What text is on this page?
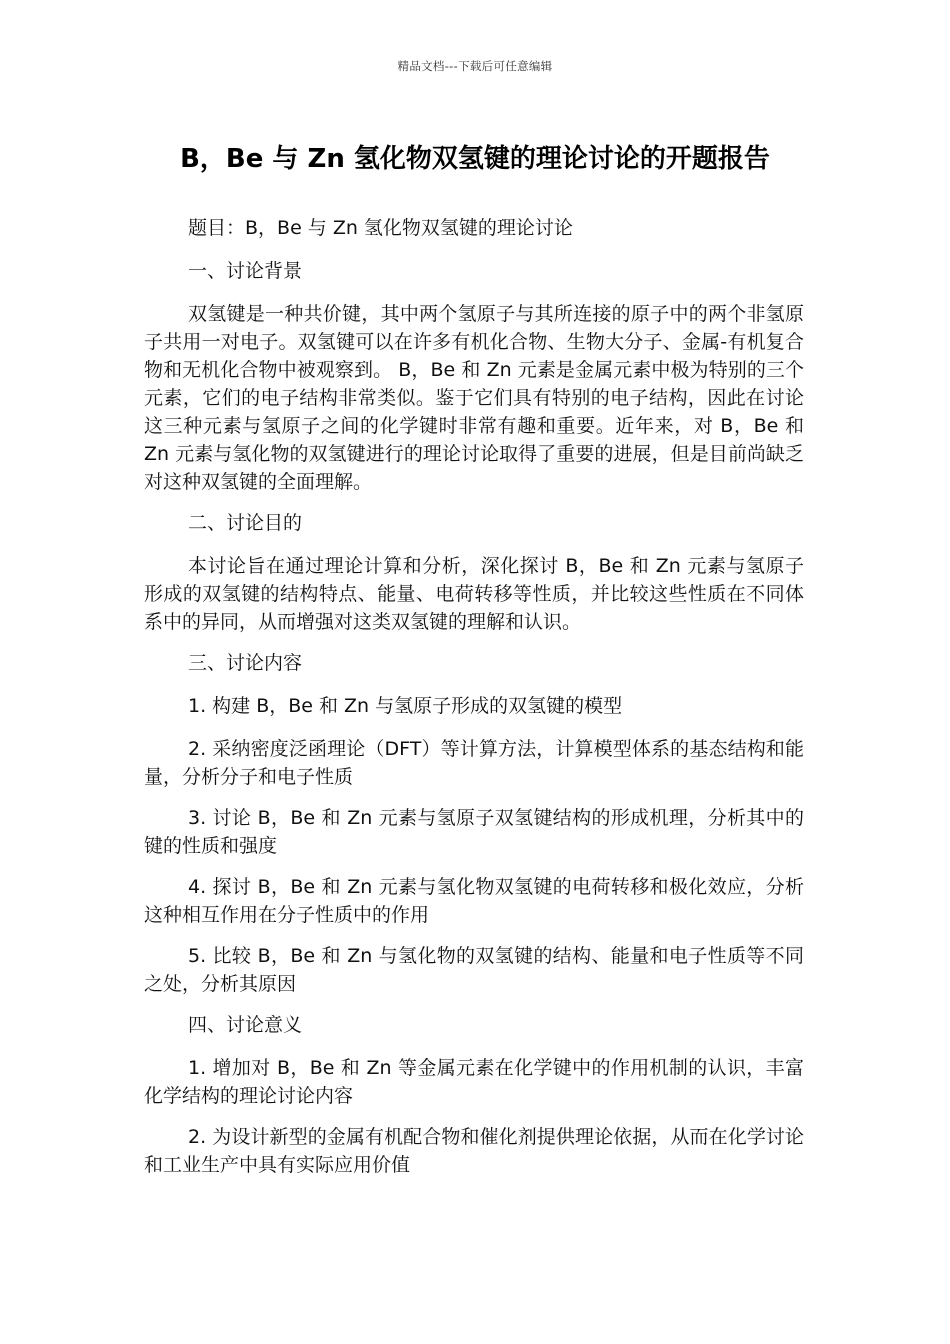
精品文档---下载后可任意编辑
B，Be 与 Zn 氢化物双氢键的理论讨论的开题报告

题目：B，Be 与 Zn 氢化物双氢键的理论讨论

一、讨论背景

双氢键是一种共价键，其中两个氢原子与其所连接的原子中的两个非氢原子共用一对电子。双氢键可以在许多有机化合物、生物大分子、金属-有机复合物和无机化合物中被观察到。 B，Be 和 Zn 元素是金属元素中极为特别的三个元素，它们的电子结构非常类似。鉴于它们具有特别的电子结构，因此在讨论这三种元素与氢原子之间的化学键时非常有趣和重要。近年来，对 B，Be 和 Zn 元素与氢化物的双氢键进行的理论讨论取得了重要的进展，但是目前尚缺乏对这种双氢键的全面理解。

二、讨论目的

本讨论旨在通过理论计算和分析，深化探讨 B，Be 和 Zn 元素与氢原子形成的双氢键的结构特点、能量、电荷转移等性质，并比较这些性质在不同体系中的异同，从而增强对这类双氢键的理解和认识。

三、讨论内容

1. 构建 B，Be 和 Zn 与氢原子形成的双氢键的模型

2. 采纳密度泛函理论（DFT）等计算方法，计算模型体系的基态结构和能量，分析分子和电子性质

3. 讨论 B，Be 和 Zn 元素与氢原子双氢键结构的形成机理，分析其中的键的性质和强度

4. 探讨 B，Be 和 Zn 元素与氢化物双氢键的电荷转移和极化效应，分析这种相互作用在分子性质中的作用

5. 比较 B，Be 和 Zn 与氢化物的双氢键的结构、能量和电子性质等不同之处，分析其原因

四、讨论意义

1. 增加对 B，Be 和 Zn 等金属元素在化学键中的作用机制的认识，丰富化学结构的理论讨论内容

2. 为设计新型的金属有机配合物和催化剂提供理论依据，从而在化学讨论和工业生产中具有实际应用价值
